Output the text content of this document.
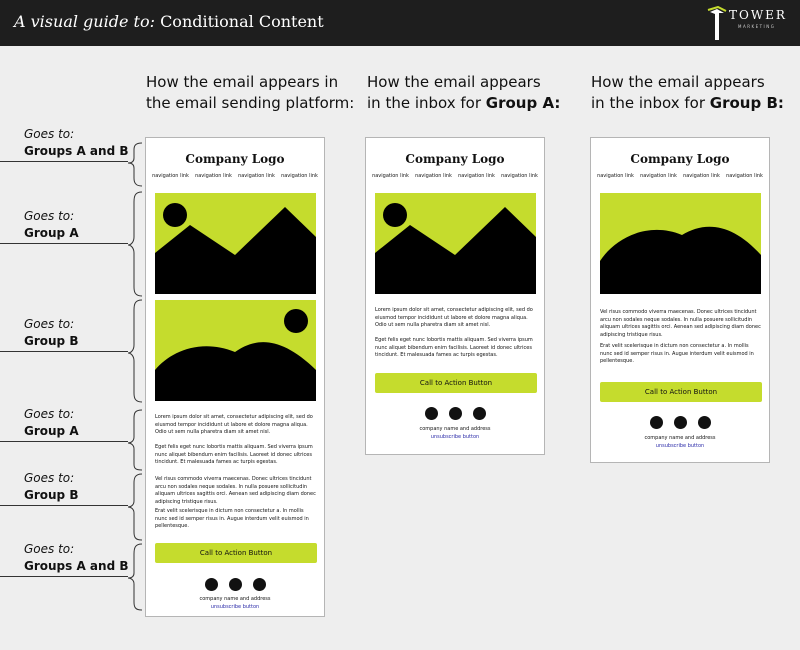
A visual guide to: Conditional Content	TOWER
MARKETING
How the email appears in
the email sending platform:
How the email appears
in the inbox for Group A:
How the email appears
in the inbox for Group B:
Goes to:
Groups A and B
Goes to:
Group A
Goes to:
Group B
Goes to:
Group A
Goes to:
Group B
Goes to:
Groups A and B
Company Logo
navigation link navigation link navigation link navigation link
Lorem ipsum dolor sit amet, consectetur adipiscing elit, sed do eiusmod tempor incididunt ut labore et dolore magna aliqua. Odio ut sem nulla pharetra diam sit amet nisl.
Eget felis eget nunc lobortis mattis aliquam. Sed viverra ipsum nunc aliquet bibendum enim facilisis. Laoreet id donec ultrices tincidunt. Et malesuada fames ac turpis egestas.
Vel risus commodo viverra maecenas. Donec ultrices tincidunt arcu non sodales neque sodales. In nulla posuere sollicitudin aliquam ultrices sagittis orci. Aenean sed adipiscing diam donec adipiscing tristique risus.
Erat velit scelerisque in dictum non consectetur a. In mollis nunc sed id semper risus in. Augue interdum velit euismod in pellentesque.
Call to Action Button
company name and address
unsubscribe button
Company Logo
navigation link navigation link navigation link navigation link
Lorem ipsum dolor sit amet, consectetur adipiscing elit, sed do eiusmod tempor incididunt ut labore et dolore magna aliqua. Odio ut sem nulla pharetra diam sit amet nisl.
Eget felis eget nunc lobortis mattis aliquam. Sed viverra ipsum nunc aliquet bibendum enim facilisis. Laoreet id donec ultrices tincidunt. Et malesuada fames ac turpis egestas.
Call to Action Button
company name and address
unsubscribe button
Company Logo
navigation link navigation link navigation link navigation link
Vel risus commodo viverra maecenas. Donec ultrices tincidunt arcu non sodales neque sodales. In nulla posuere sollicitudin aliquam ultrices sagittis orci. Aenean sed adipiscing diam donec adipiscing tristique risus.
Erat velit scelerisque in dictum non consectetur a. In mollis nunc sed id semper risus in. Augue interdum velit euismod in pellentesque.
Call to Action Button
company name and address
unsubscribe button
